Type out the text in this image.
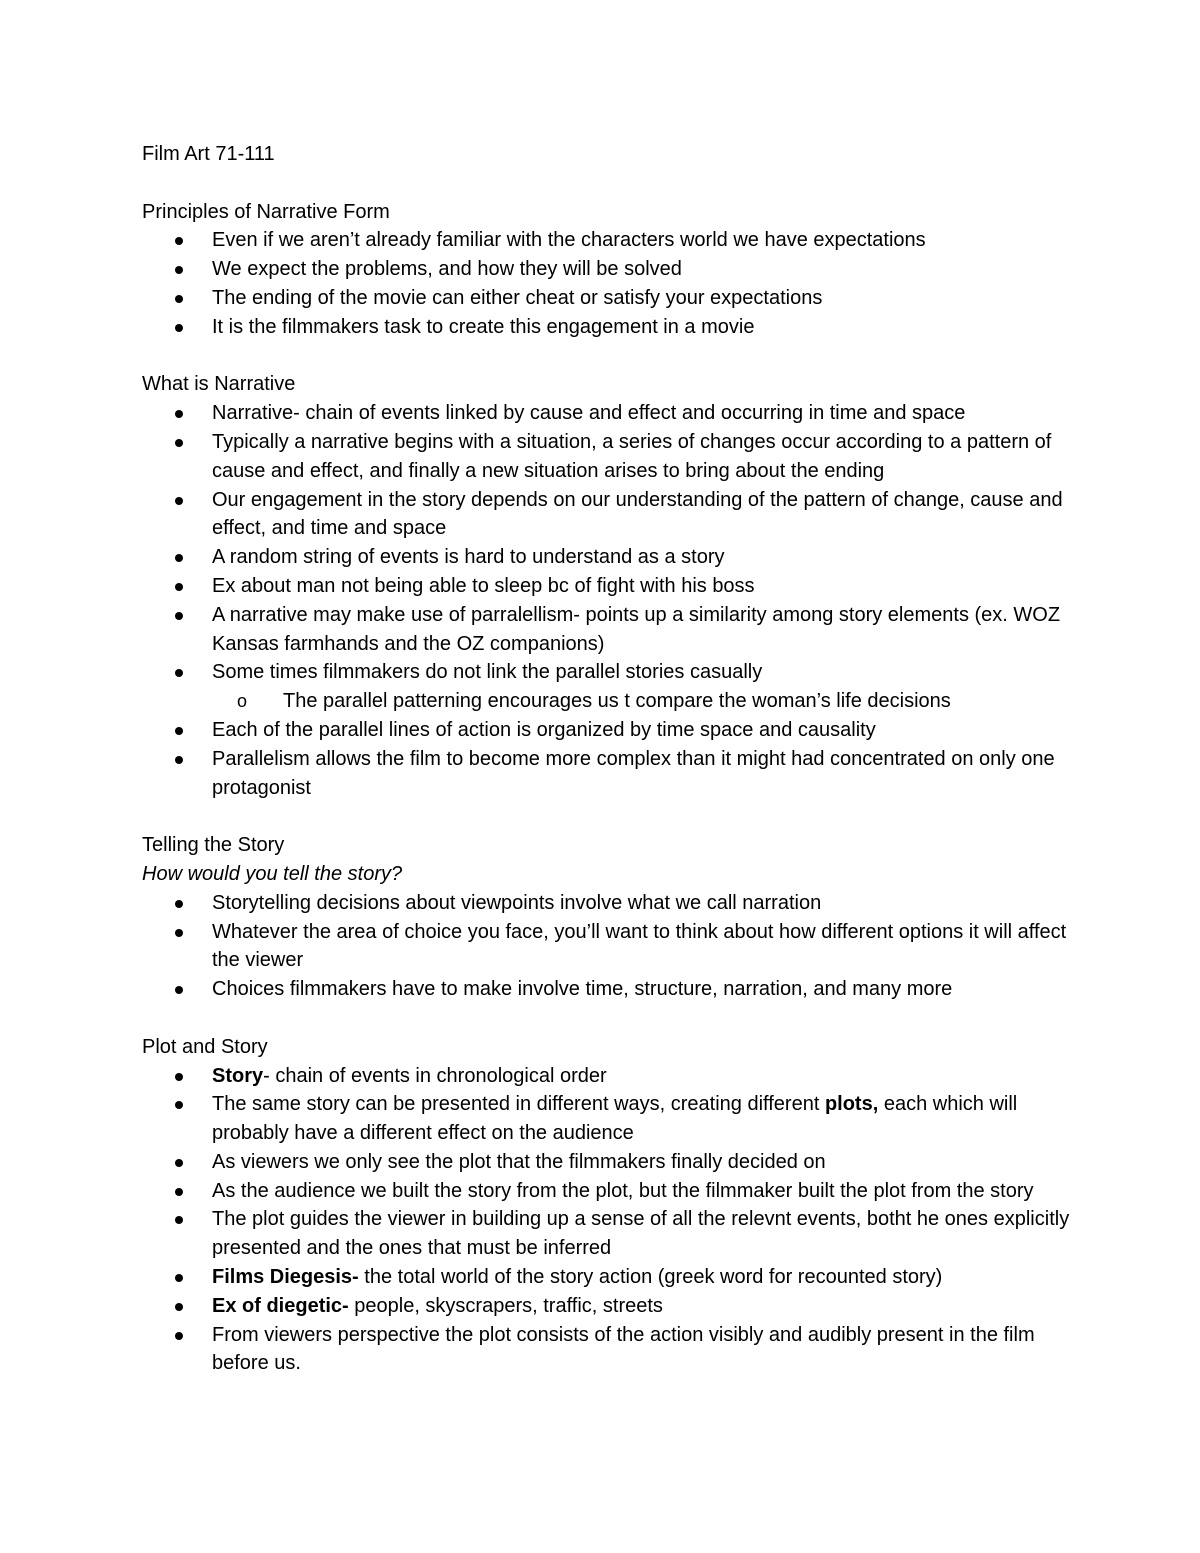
Film Art 71-111
Principles of Narrative Form
Even if we aren’t already familiar with the characters world we have expectations
We expect the problems, and how they will be solved
The ending of the movie can either cheat or satisfy your expectations
It is the filmmakers task to create this engagement in a movie
What is Narrative
Narrative- chain of events linked by cause and effect and occurring in time and space
Typically a narrative begins with a situation, a series of changes occur according to a pattern of cause and effect, and finally a new situation arises to bring about the ending
Our engagement in the story depends on our understanding of the pattern of change, cause and effect, and time and space
A random string of events is hard to understand as a story
Ex about man not being able to sleep bc of fight with his boss
A narrative may make use of parralellism- points up a similarity among story elements (ex. WOZ Kansas farmhands and the OZ companions)
Some times filmmakers do not link the parallel stories casually
o The parallel patterning encourages us t compare the woman’s life decisions
Each of the parallel lines of action is organized by time space and causality
Parallelism allows the film to become more complex than it might had concentrated on only one protagonist
Telling the Story

How would you tell the story?

Storytelling decisions about viewpoints involve what we call narration
Whatever the area of choice you face, you’ll want to think about how different options it will affect the viewer
Choices filmmakers have to make involve time, structure, narration, and many more
Plot and Story
Story- chain of events in chronological order
The same story can be presented in different ways, creating different plots, each which will probably have a different effect on the audience
As viewers we only see the plot that the filmmakers finally decided on
As the audience we built the story from the plot, but the filmmaker built the plot from the story
The plot guides the viewer in building up a sense of all the relevnt events, botht he ones explicitly presented and the ones that must be inferred
Films Diegesis- the total world of the story action (greek word for recounted story)
Ex of diegetic- people, skyscrapers, traffic, streets
From viewers perspective the plot consists of the action visibly and audibly present in the film before us.
